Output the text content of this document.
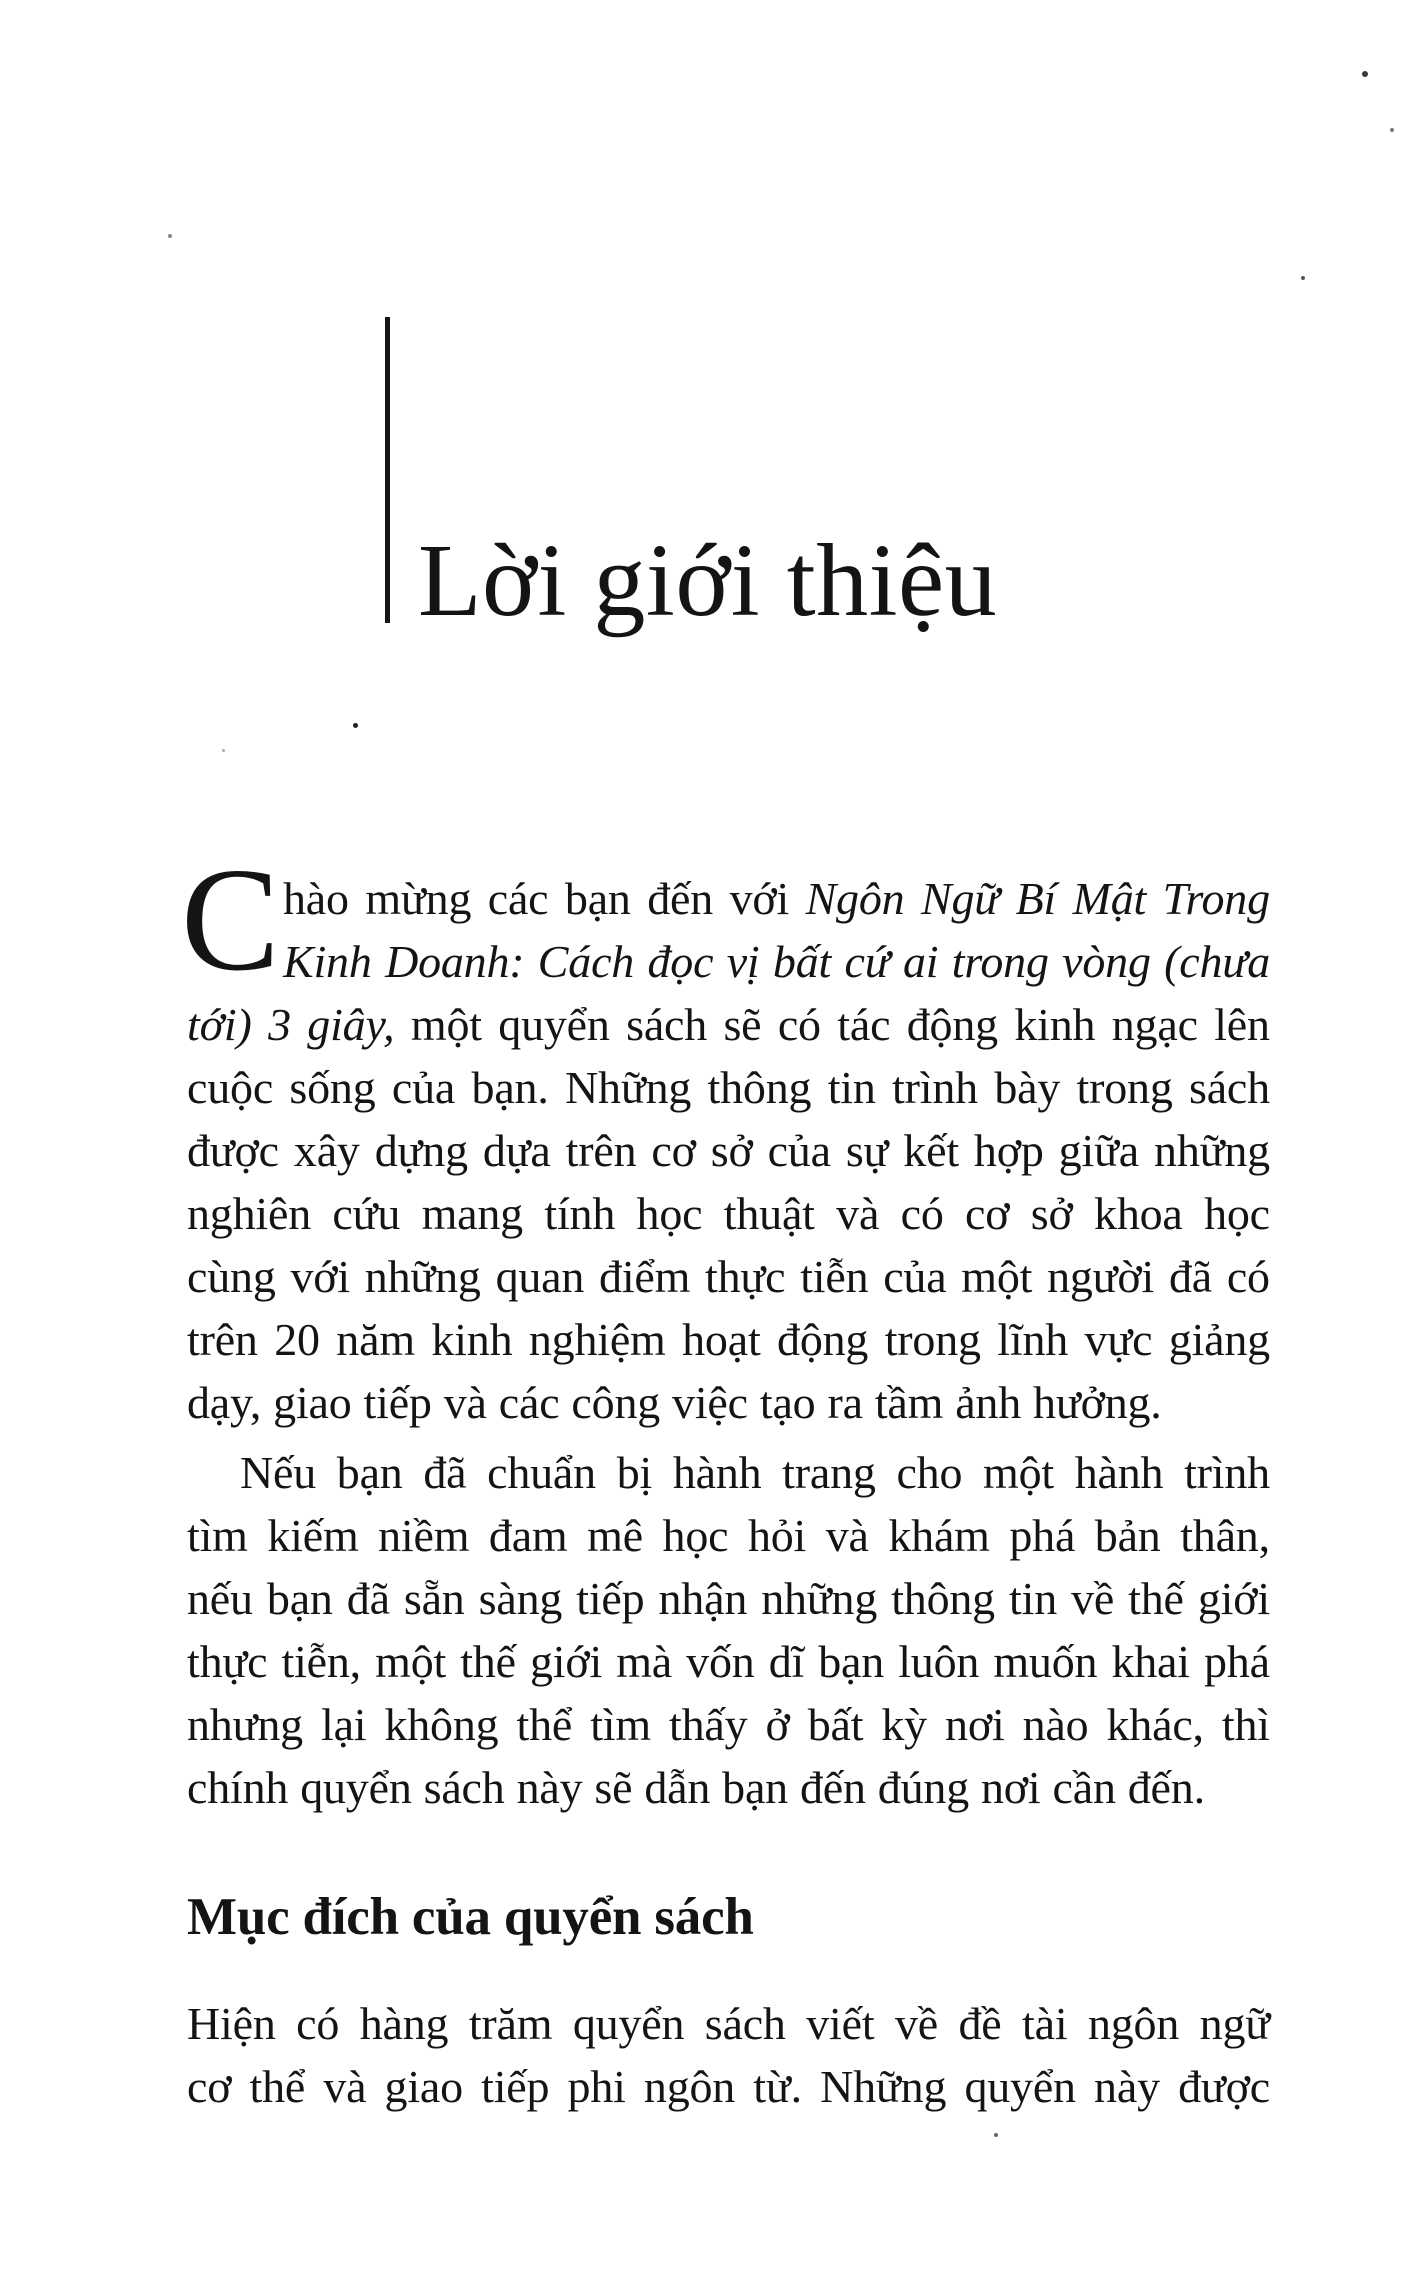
Lời giới thiệu
C hào mừng các bạn đến với Ngôn Ngữ Bí Mật Trong
Kinh Doanh: Cách đọc vị bất cứ ai trong vòng (chưa
tới) 3 giây, một quyển sách sẽ có tác động kinh ngạc lên
cuộc sống của bạn. Những thông tin trình bày trong sách
được xây dựng dựa trên cơ sở của sự kết hợp giữa những
nghiên cứu mang tính học thuật và có cơ sở khoa học
cùng với những quan điểm thực tiễn của một người đã có
trên 20 năm kinh nghiệm hoạt động trong lĩnh vực giảng
dạy, giao tiếp và các công việc tạo ra tầm ảnh hưởng.
Nếu bạn đã chuẩn bị hành trang cho một hành trình
tìm kiếm niềm đam mê học hỏi và khám phá bản thân,
nếu bạn đã sẵn sàng tiếp nhận những thông tin về thế giới
thực tiễn, một thế giới mà vốn dĩ bạn luôn muốn khai phá
nhưng lại không thể tìm thấy ở bất kỳ nơi nào khác, thì
chính quyển sách này sẽ dẫn bạn đến đúng nơi cần đến.
Hiện có hàng trăm quyển sách viết về đề tài ngôn ngữ
cơ thể và giao tiếp phi ngôn từ. Những quyển này được
Mục đích của quyển sách
